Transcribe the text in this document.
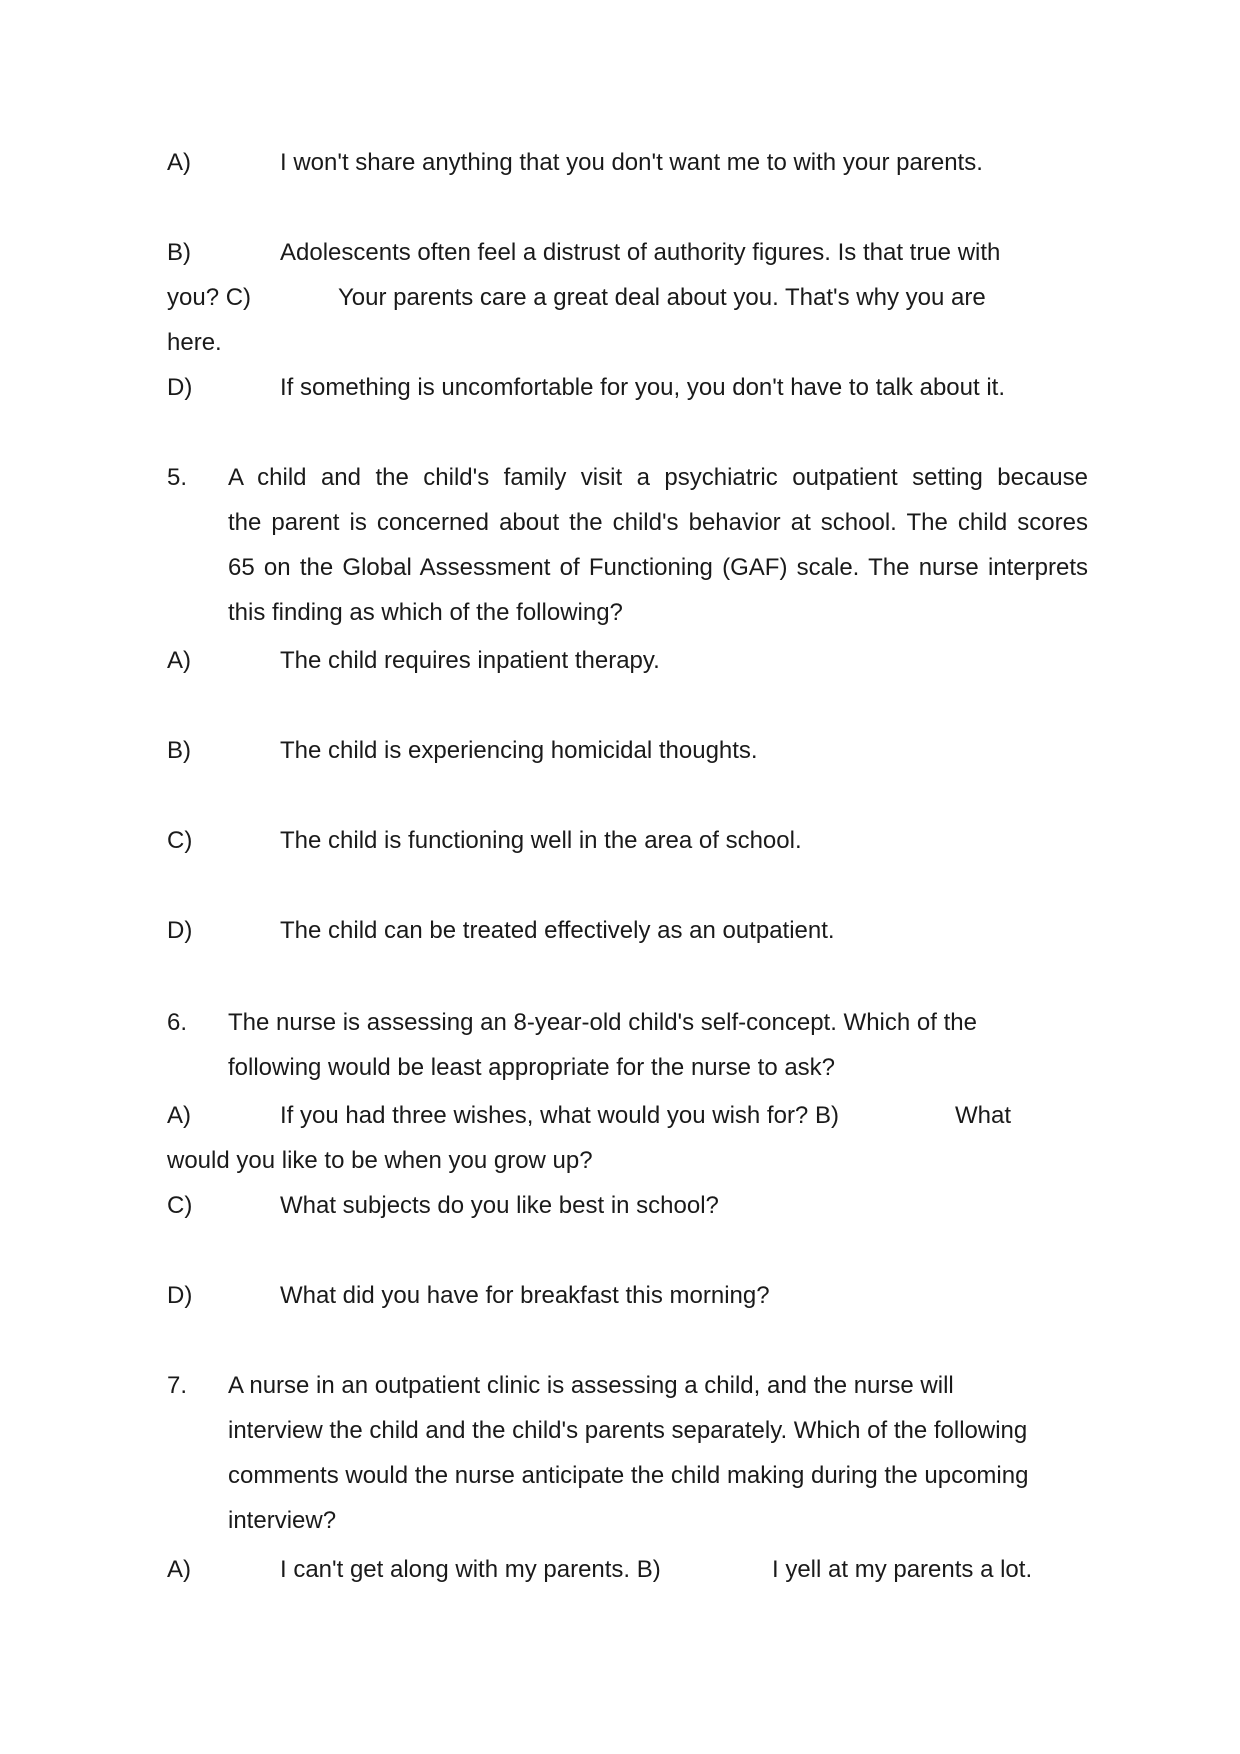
A)	I won't share anything that you don't want me to with your parents.
B)	Adolescents often feel a distrust of authority figures. Is that true with
you? C)	Your parents care a great deal about you. That's why you are
here.
D)	If something is uncomfortable for you, you don't have to talk about it.
5. A child and the child's family visit a psychiatric outpatient setting because
the parent is concerned about the child's behavior at school. The child scores
65 on the Global Assessment of Functioning (GAF) scale. The nurse interprets
this finding as which of the following?
A)	The child requires inpatient therapy.
B)	The child is experiencing homicidal thoughts.
C)	The child is functioning well in the area of school.
D)	The child can be treated effectively as an outpatient.
6. The nurse is assessing an 8-year-old child's self-concept. Which of the
following would be least appropriate for the nurse to ask?
A)	If you had three wishes, what would you wish for? B)	What
would you like to be when you grow up?
C)	What subjects do you like best in school?
D)	What did you have for breakfast this morning?
7. A nurse in an outpatient clinic is assessing a child, and the nurse will
interview the child and the child's parents separately. Which of the following
comments would the nurse anticipate the child making during the upcoming
interview?
A)	I can't get along with my parents. B)	I yell at my parents a lot.
